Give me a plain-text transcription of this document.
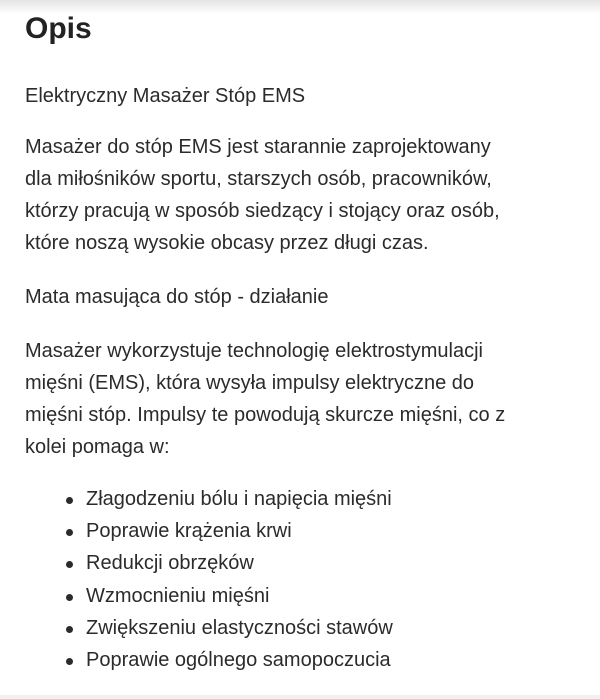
Opis
Elektryczny Masażer Stóp EMS
Masażer do stóp EMS jest starannie zaprojektowany
dla miłośników sportu, starszych osób, pracowników,
którzy pracują w sposób siedzący i stojący oraz osób,
które noszą wysokie obcasy przez długi czas.
Mata masująca do stóp - działanie
Masażer wykorzystuje technologię elektrostymulacji
mięśni (EMS), która wysyła impulsy elektryczne do
mięśni stóp. Impulsy te powodują skurcze mięśni, co z
kolei pomaga w:
Złagodzeniu bólu i napięcia mięśni
Poprawie krążenia krwi
Redukcji obrzęków
Wzmocnieniu mięśni
Zwiększeniu elastyczności stawów
Poprawie ogólnego samopoczucia
